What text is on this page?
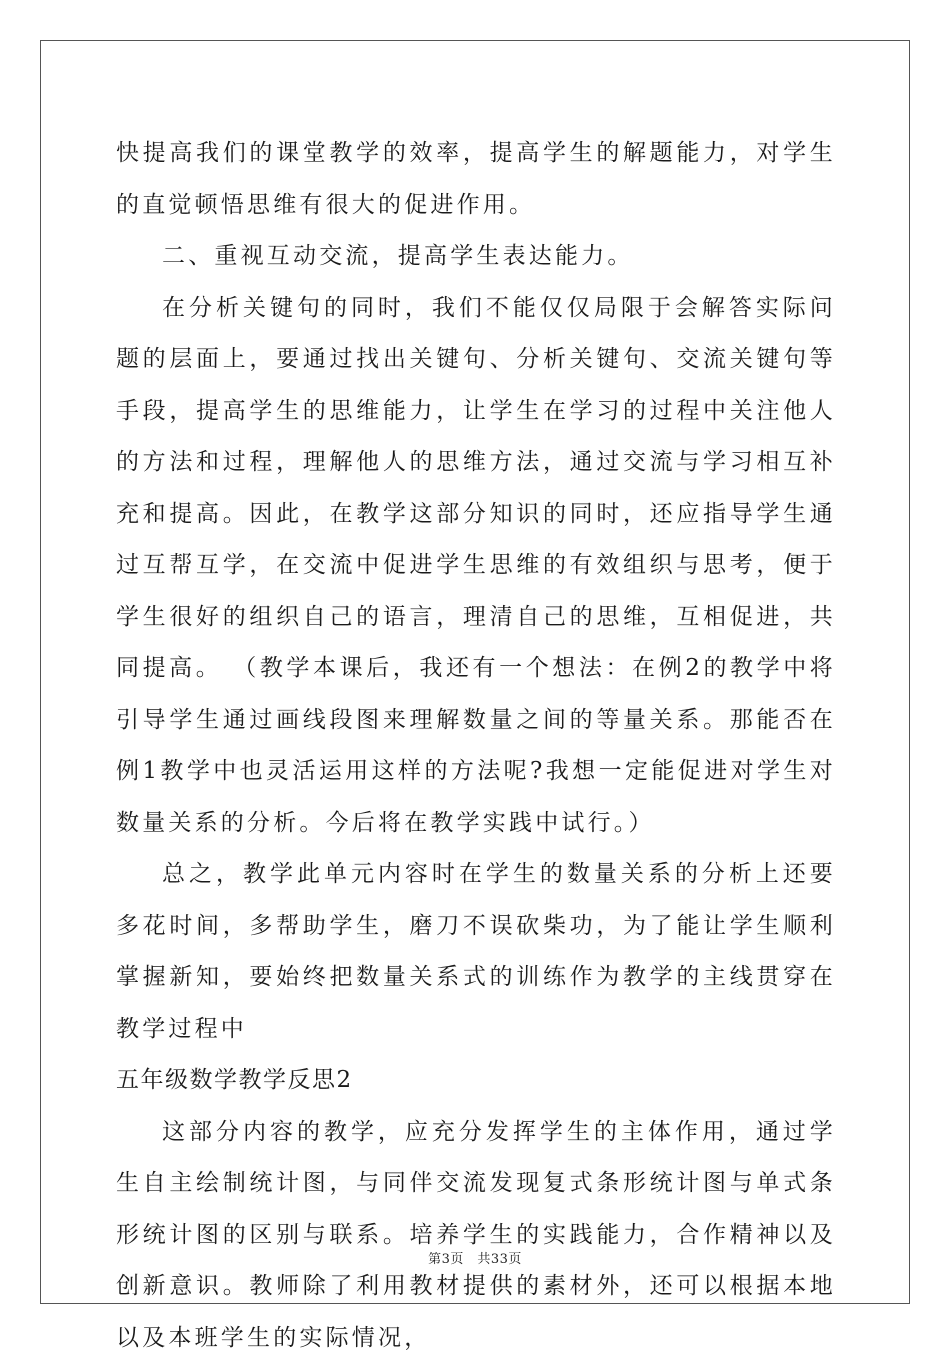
快提高我们的课堂教学的效率，提高学生的解题能力，对学生的直觉顿悟思维有很大的促进作用。

二、重视互动交流，提高学生表达能力。

在分析关键句的同时，我们不能仅仅局限于会解答实际问题的层面上，要通过找出关键句、分析关键句、交流关键句等手段，提高学生的思维能力，让学生在学习的过程中关注他人的方法和过程，理解他人的思维方法，通过交流与学习相互补充和提高。因此，在教学这部分知识的同时，还应指导学生通过互帮互学，在交流中促进学生思维的有效组织与思考，便于学生很好的组织自己的语言，理清自己的思维，互相促进，共同提高。 （教学本课后，我还有一个想法：在例2的教学中将引导学生通过画线段图来理解数量之间的等量关系。那能否在例1教学中也灵活运用这样的方法呢?我想一定能促进对学生对数量关系的分析。今后将在教学实践中试行。）

总之，教学此单元内容时在学生的数量关系的分析上还要多花时间，多帮助学生，磨刀不误砍柴功，为了能让学生顺利掌握新知，要始终把数量关系式的训练作为教学的主线贯穿在教学过程中

五年级数学教学反思2

这部分内容的教学，应充分发挥学生的主体作用，通过学生自主绘制统计图，与同伴交流发现复式条形统计图与单式条形统计图的区别与联系。培养学生的实践能力，合作精神以及创新意识。教师除了利用教材提供的素材外，还可以根据本地以及本班学生的实际情况，

第3页　共33页
